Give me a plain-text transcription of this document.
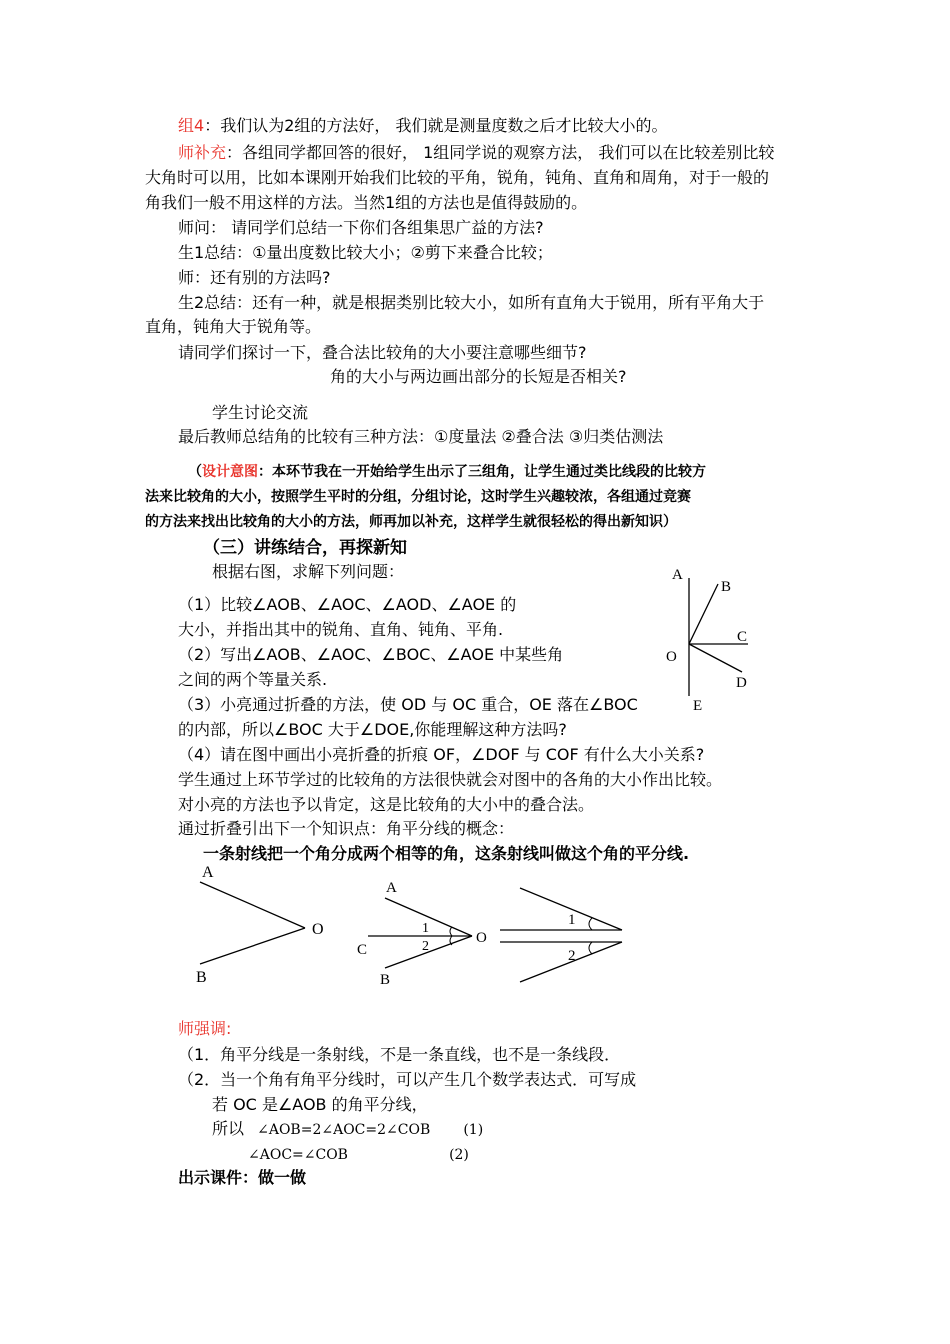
组4：我们认为2组的方法好， 我们就是测量度数之后才比较大小的。
师补充：各组同学都回答的很好， 1组同学说的观察方法， 我们可以在比较差别比较
大角时可以用，比如本课刚开始我们比较的平角，锐角，钝角、直角和周角，对于一般的
角我们一般不用这样的方法。当然1组的方法也是值得鼓励的。
师问： 请同学们总结一下你们各组集思广益的方法?
生1总结：①量出度数比较大小；②剪下来叠合比较；
师：还有别的方法吗?
生2总结：还有一种，就是根据类别比较大小，如所有直角大于锐用，所有平角大于
直角，钝角大于锐角等。
请同学们探讨一下，叠合法比较角的大小要注意哪些细节?
角的大小与两边画出部分的长短是否相关?
学生讨论交流
最后教师总结角的比较有三种方法：①度量法 ②叠合法 ③归类估测法
（设计意图：本环节我在一开始给学生出示了三组角，让学生通过类比线段的比较方
法来比较角的大小，按照学生平时的分组，分组讨论，这时学生兴趣较浓，各组通过竞赛
的方法来找出比较角的大小的方法，师再加以补充，这样学生就很轻松的得出新知识）
（三）讲练结合，再探新知
根据右图，求解下列问题：
（1）比较∠AOB、∠AOC、∠AOD、∠AOE 的
大小，并指出其中的锐角、直角、钝角、平角.
（2）写出∠AOB、∠AOC、∠BOC、∠AOE 中某些角
之间的两个等量关系.
（3）小亮通过折叠的方法，使 OD 与 OC 重合，OE 落在∠BOC
的内部，所以∠BOC 大于∠DOE,你能理解这种方法吗?
（4）请在图中画出小亮折叠的折痕 OF，∠DOF 与 COF 有什么大小关系?
学生通过上环节学过的比较角的方法很快就会对图中的各角的大小作出比较。
对小亮的方法也予以肯定，这是比较角的大小中的叠合法。
通过折叠引出下一个知识点：角平分线的概念：
一条射线把一个角分成两个相等的角，这条射线叫做这个角的平分线.
A
B
C
O
D
E
A
B
O	1
2
A
B
C
O
1
2
师强调:
（1．角平分线是一条射线，不是一条直线，也不是一条线段．
（2．当一个角有角平分线时，可以产生几个数学表达式．可写成
若 OC 是∠AOB 的角平分线，
所以 ∠AOB=2∠AOC=2∠COB (1)
∠AOC=∠COB	(2)
出示课件：做一做
